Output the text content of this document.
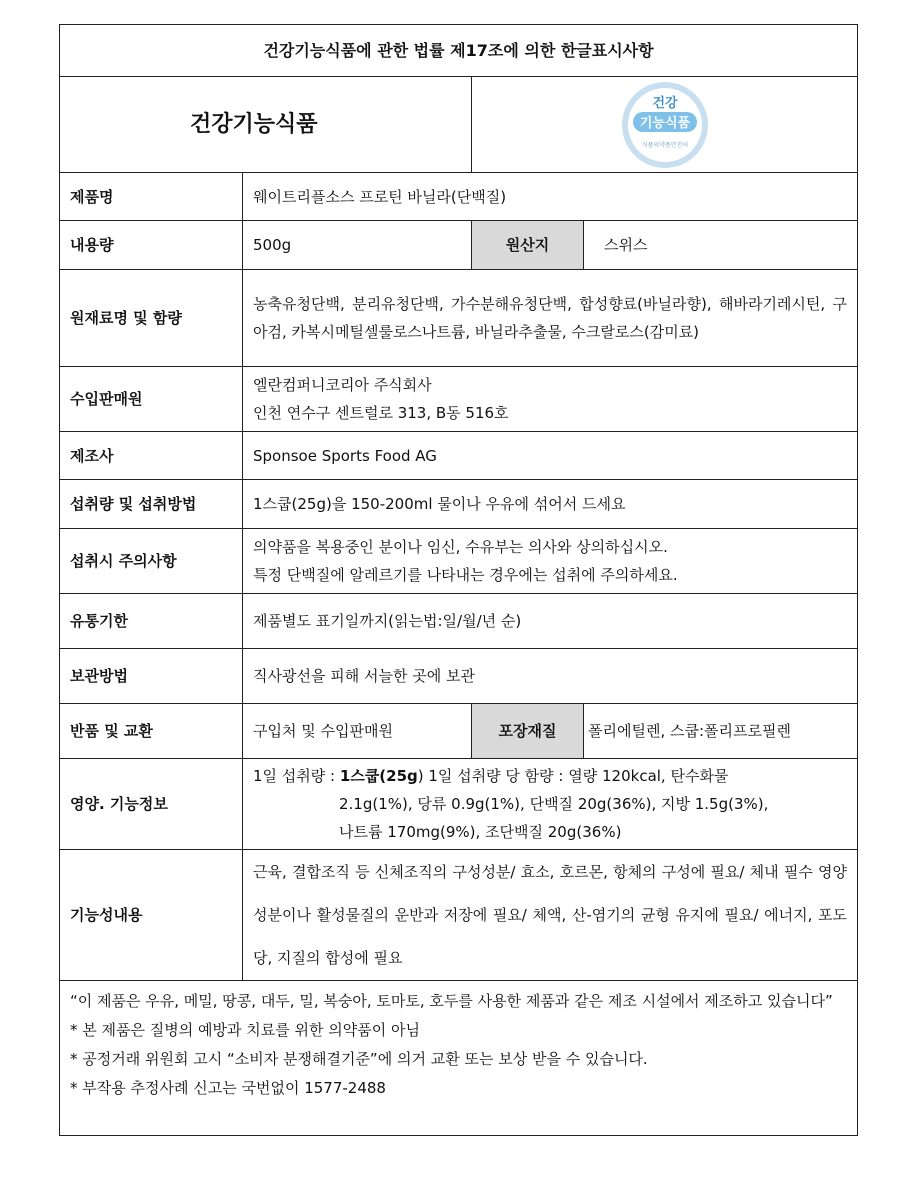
건강기능식품에 관한 법률 제17조에 의한 한글표시사항			
건강기능식품		건강
기능식품
식품의약품안전처	

제품명	웨이트리플소스 프로틴 바닐라(단백질)		
내용량	500g	원산지	스위스
원재료명 및 함량	농축유청단백, 분리유청단백, 가수분해유청단백, 합성향료(바닐라향), 해바라기레시틴, 구아검, 카복시메틸셀룰로스나트륨, 바닐라추출물, 수크랄로스(감미료)		
수입판매원	엘란컴퍼니코리아 주식회사
인천 연수구 센트럴로 313, B동 516호		

제조사	Sponsoe Sports Food AG		
섭취량 및 섭취방법	1스쿱(25g)을 150-200ml 물이나 우유에 섞어서 드세요		
섭취시 주의사항	의약품을 복용중인 분이나 임신, 수유부는 의사와 상의하십시오.
특정 단백질에 알레르기를 나타내는 경우에는 섭취에 주의하세요.		

유통기한	제품별도 표기일까지(읽는법:일/월/년 순)		
보관방법	직사광선을 피해 서늘한 곳에 보관		
반품 및 교환	구입처 및 수입판매원	포장재질	폴리에틸렌, 스쿱:폴리프로필렌
영양. 기능정보	1일 섭취량 : 1스쿱(25g) 1일 섭취량 당 함량 : 열량 120kcal, 탄수화물
2.1g(1%), 당류 0.9g(1%), 단백질 20g(36%), 지방 1.5g(3%),
나트륨 170mg(9%), 조단백질 20g(36%)		

기능성내용	근육, 결합조직 등 신체조직의 구성성분/ 효소, 호르몬, 항체의 구성에 필요/ 체내 필수 영양성분이나 활성물질의 운반과 저장에 필요/ 체액, 산-염기의 균형 유지에 필요/ 에너지, 포도당, 지질의 합성에 필요		

“이 제품은 우유, 메밀, 땅콩, 대두, 밀, 복숭아, 토마토, 호두를 사용한 제품과 같은 제조 시설에서 제조하고 있습니다”
* 본 제품은 질병의 예방과 치료를 위한 의약품이 아님
* 공정거래 위원회 고시 “소비자 분쟁해결기준”에 의거 교환 또는 보상 받을 수 있습니다.
* 부작용 추정사례 신고는 국번없이 1577-2488			
